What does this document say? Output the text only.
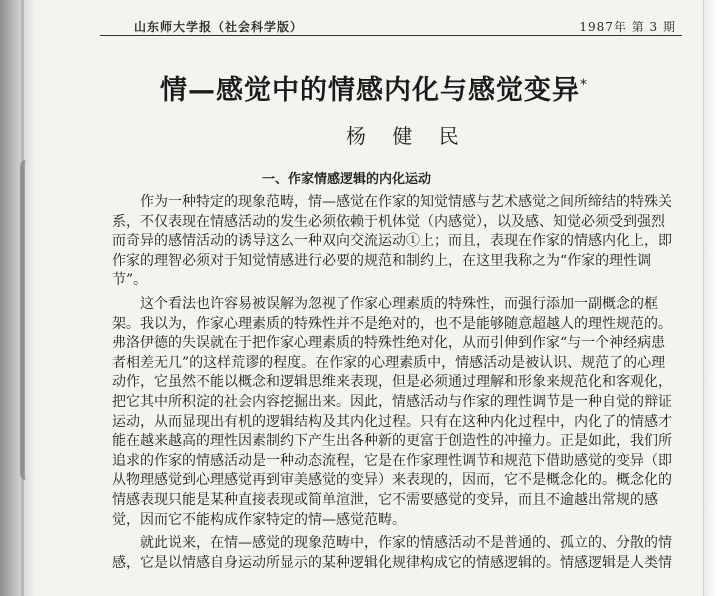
山东师大学报（社会科学版）	1987年 第 3 期
情—感觉中的情感内化与感觉变异*
杨 健 民
一、作家情感逻辑的内化运动
作为一种特定的现象范畴，情—感觉在作家的知觉情感与艺术感觉之间所缔结的特殊关
系，不仅表现在情感活动的发生必须依赖于机体觉（内感觉），以及感、知觉必须受到强烈
而奇异的感情活动的诱导这么一种双向交流运动①上；而且，表现在作家的情感内化上，即
作家的理智必须对于知觉情感进行必要的规范和制约上，在这里我称之为“作家的理性调
节”。
这个看法也许容易被误解为忽视了作家心理素质的特殊性，而强行添加一副概念的框
架。我以为，作家心理素质的特殊性并不是绝对的，也不是能够随意超越人的理性规范的。
弗洛伊德的失误就在于把作家心理素质的特殊性绝对化，从而引伸到作家“与一个神经病患
者相差无几”的这样荒谬的程度。在作家的心理素质中，情感活动是被认识、规范了的心理
动作，它虽然不能以概念和逻辑思维来表现，但是必须通过理解和形象来规范化和客观化，
把它其中所积淀的社会内容挖掘出来。因此，情感活动与作家的理性调节是一种自觉的辩证
运动，从而显现出有机的逻辑结构及其内化过程。只有在这种内化过程中，内化了的情感才
能在越来越高的理性因素制约下产生出各种新的更富于创造性的冲撞力。正是如此，我们所
追求的作家的情感活动是一种动态流程，它是在作家理性调节和规范下借助感觉的变异（即
从物理感觉到心理感觉再到审美感觉的变异）来表现的，因而，它不是概念化的。概念化的
情感表现只能是某种直接表现或简单渲泄，它不需要感觉的变异，而且不逾越出常规的感
觉，因而它不能构成作家特定的情—感觉范畴。
就此说来，在情—感觉的现象范畴中，作家的情感活动不是普通的、孤立的、分散的情
感，它是以情感自身运动所显示的某种逻辑化规律构成它的情感逻辑的。情感逻辑是人类情
